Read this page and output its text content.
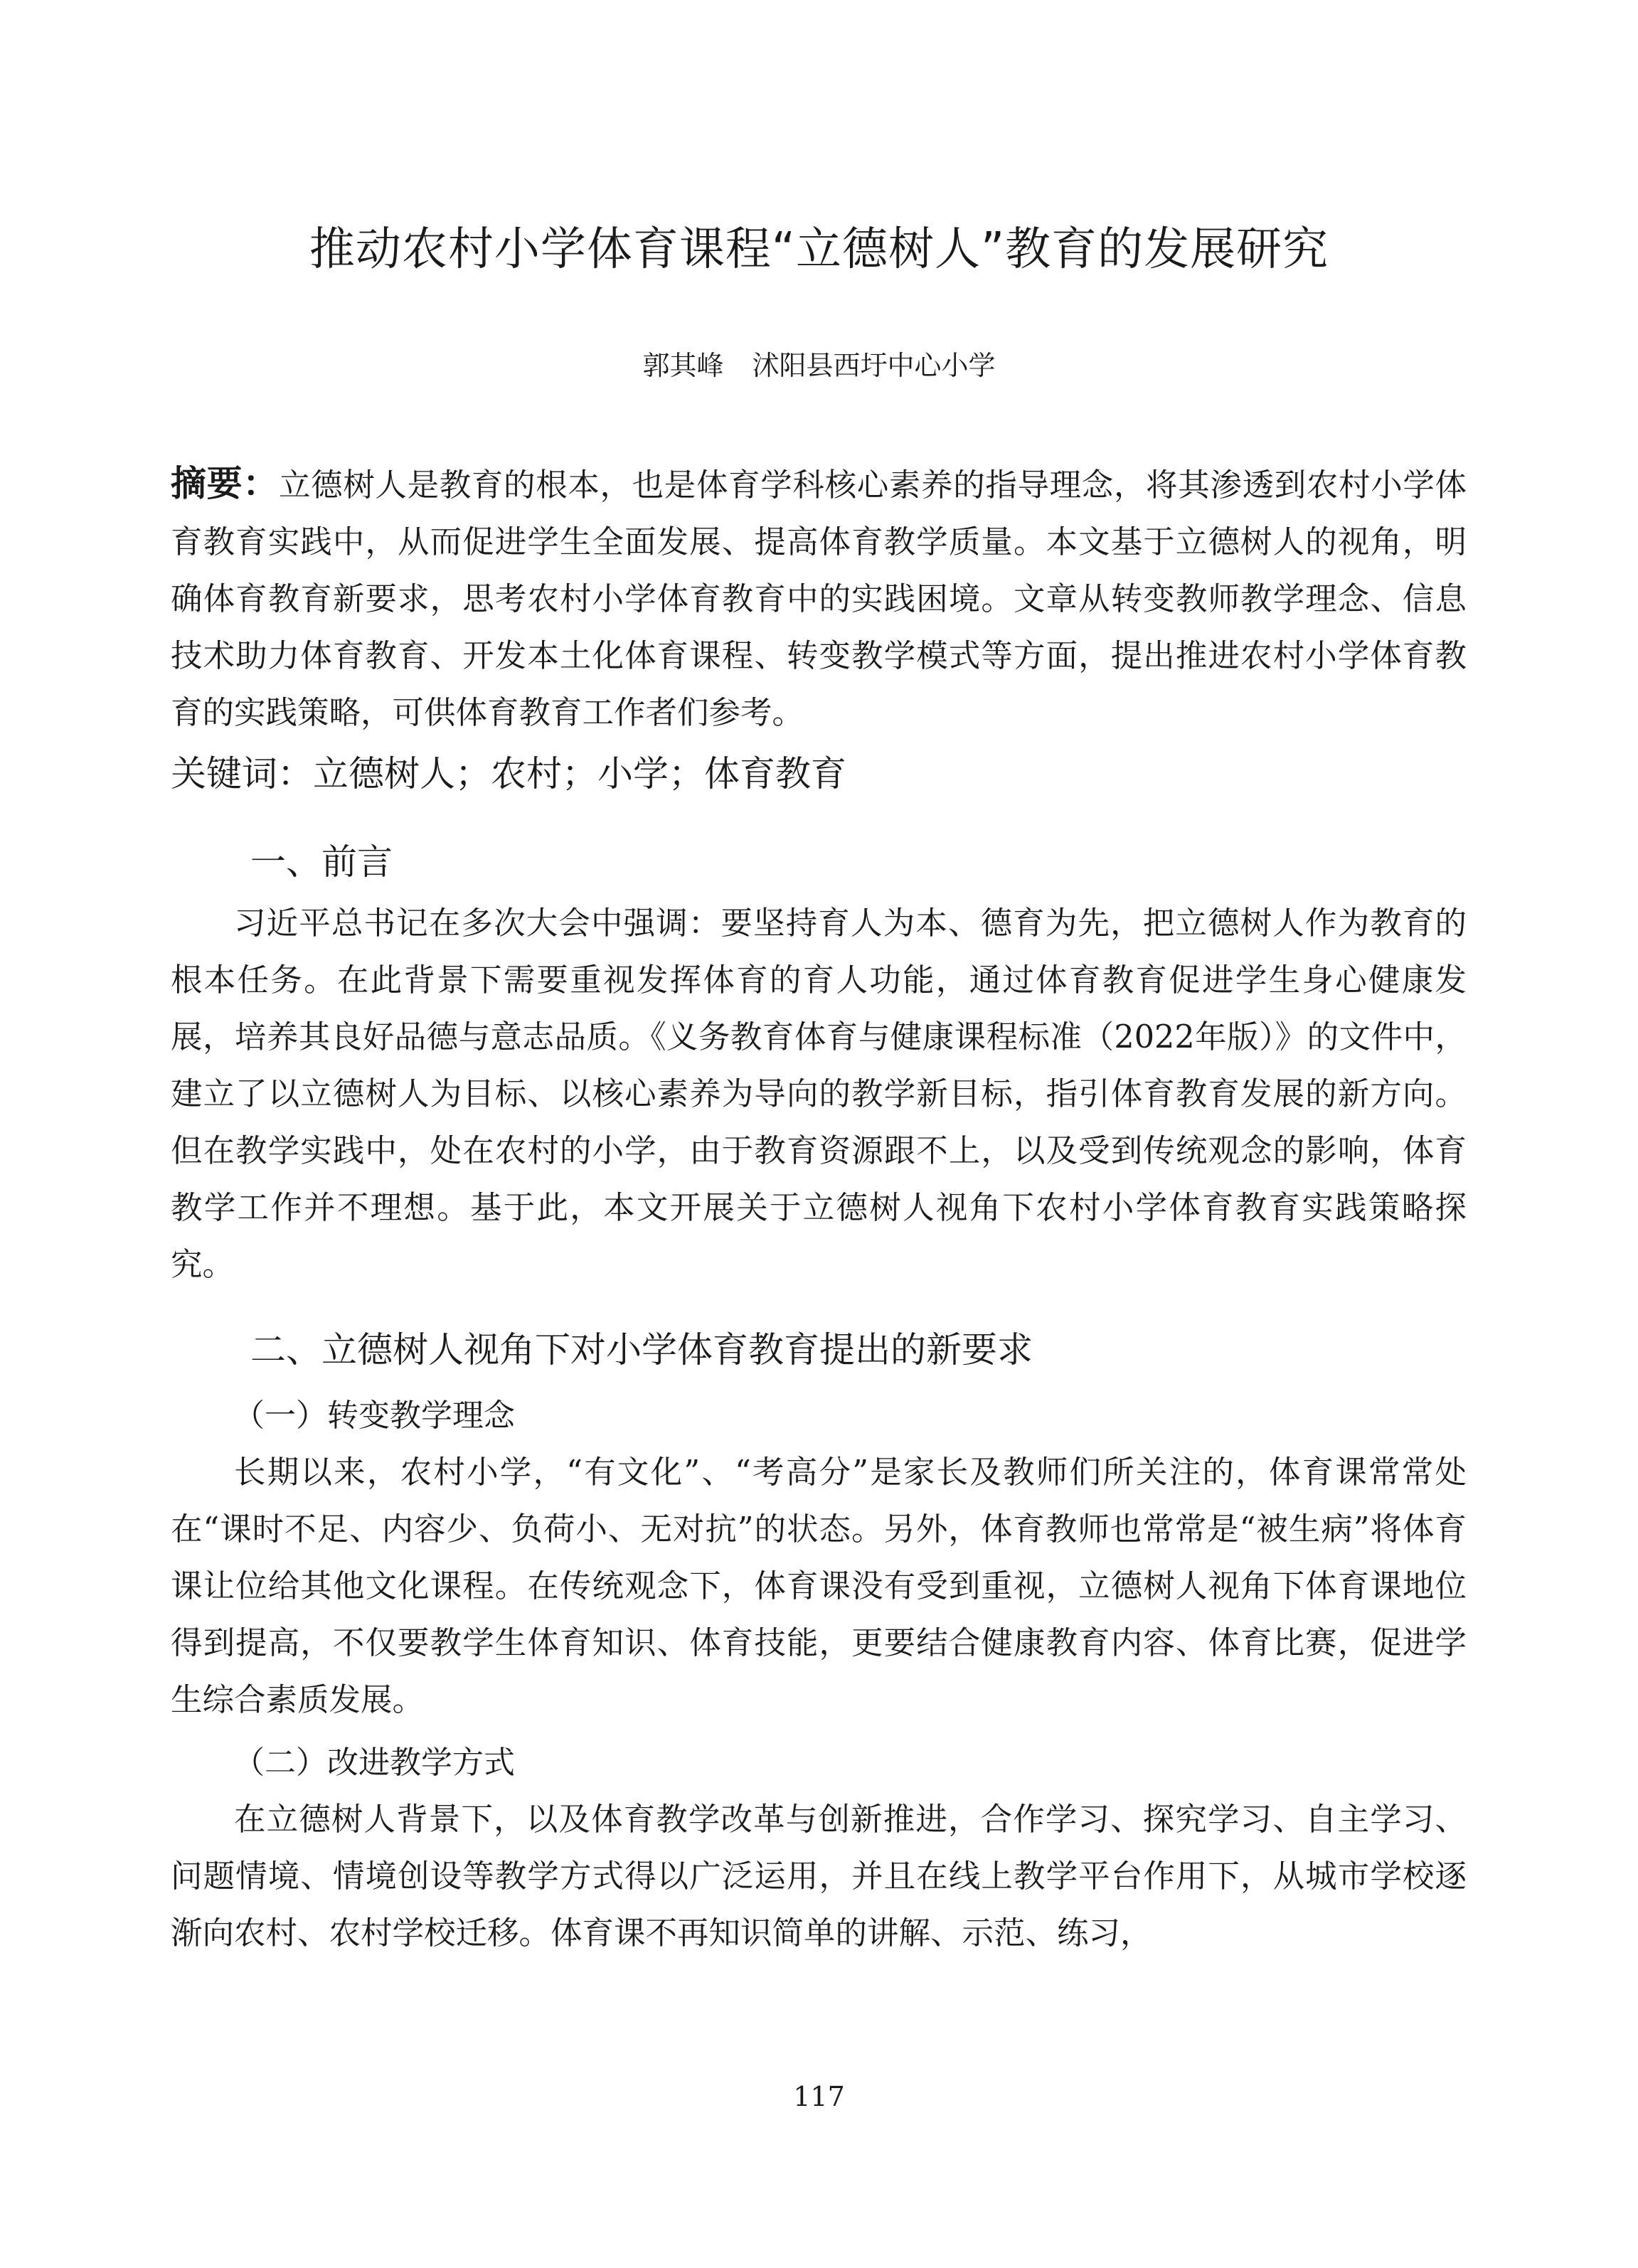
推动农村小学体育课程“立德树人”教育的发展研究
郭其峰 沭阳县西圩中心小学

摘要：立德树人是教育的根本，也是体育学科核心素养的指导理念，将其渗透到农村小学体育教育实践中，从而促进学生全面发展、提高体育教学质量。本文基于立德树人的视角，明确体育教育新要求，思考农村小学体育教育中的实践困境。文章从转变教师教学理念、信息技术助力体育教育、开发本土化体育课程、转变教学模式等方面，提出推进农村小学体育教育的实践策略，可供体育教育工作者们参考。

关键词：立德树人；农村；小学；体育教育

一、前言

习近平总书记在多次大会中强调：要坚持育人为本、德育为先，把立德树人作为教育的根本任务。在此背景下需要重视发挥体育的育人功能，通过体育教育促进学生身心健康发展，培养其良好品德与意志品质。《义务教育体育与健康课程标准（2022年版）》的文件中，建立了以立德树人为目标、以核心素养为导向的教学新目标，指引体育教育发展的新方向。但在教学实践中，处在农村的小学，由于教育资源跟不上，以及受到传统观念的影响，体育教学工作并不理想。基于此，本文开展关于立德树人视角下农村小学体育教育实践策略探究。

二、立德树人视角下对小学体育教育提出的新要求
（一）转变教学理念

长期以来，农村小学，“有文化”、“考高分”是家长及教师们所关注的，体育课常常处在“课时不足、内容少、负荷小、无对抗”的状态。另外，体育教师也常常是“被生病”将体育课让位给其他文化课程。在传统观念下，体育课没有受到重视，立德树人视角下体育课地位得到提高，不仅要教学生体育知识、体育技能，更要结合健康教育内容、体育比赛，促进学生综合素质发展。

（二）改进教学方式

在立德树人背景下，以及体育教学改革与创新推进，合作学习、探究学习、自主学习、问题情境、情境创设等教学方式得以广泛运用，并且在线上教学平台作用下，从城市学校逐渐向农村、农村学校迁移。体育课不再知识简单的讲解、示范、练习，

117
